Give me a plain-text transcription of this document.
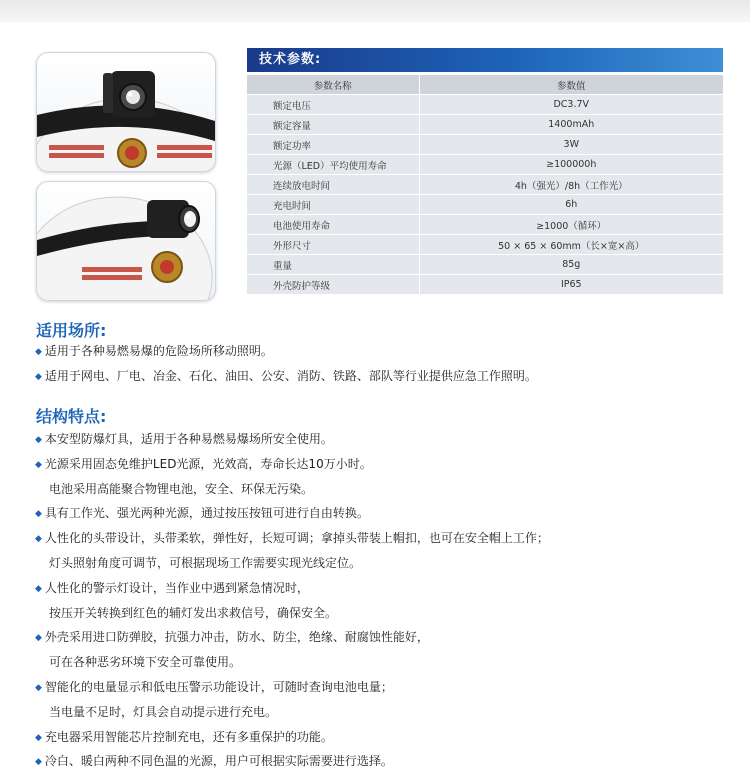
技术参数:
参数名称	参数值
额定电压	DC3.7V
额定容量	1400mAh
额定功率	3W
光源（LED）平均使用寿命	≥100000h
连续放电时间	4h（强光）/8h（工作光）
充电时间	6h
电池使用寿命	≥1000（循环）
外形尺寸	50 × 65 × 60mm（长×宽×高）
重量	85g
外壳防护等级	IP65
适用场所:
◆ 适用于各种易燃易爆的危险场所移动照明。
◆ 适用于网电、厂电、冶金、石化、油田、公安、消防、铁路、部队等行业提供应急工作照明。
结构特点:
◆ 本安型防爆灯具，适用于各种易燃易爆场所安全使用。
◆ 光源采用固态免维护LED光源，光效高，寿命长达10万小时。
电池采用高能聚合物锂电池，安全、环保无污染。
◆ 具有工作光、强光两种光源，通过按压按钮可进行自由转换。
◆ 人性化的头带设计，头带柔软，弹性好，长短可调；拿掉头带装上帽扣，也可在安全帽上工作；
灯头照射角度可调节，可根据现场工作需要实现光线定位。
◆ 人性化的警示灯设计，当作业中遇到紧急情况时，
按压开关转换到红色的辅灯发出求救信号，确保安全。
◆ 外壳采用进口防弹胶，抗强力冲击，防水、防尘，绝缘、耐腐蚀性能好，
可在各种恶劣环境下安全可靠使用。
◆ 智能化的电量显示和低电压警示功能设计，可随时查询电池电量；
当电量不足时，灯具会自动提示进行充电。
◆ 充电器采用智能芯片控制充电，还有多重保护的功能。
◆ 冷白、暖白两种不同色温的光源，用户可根据实际需要进行选择。
